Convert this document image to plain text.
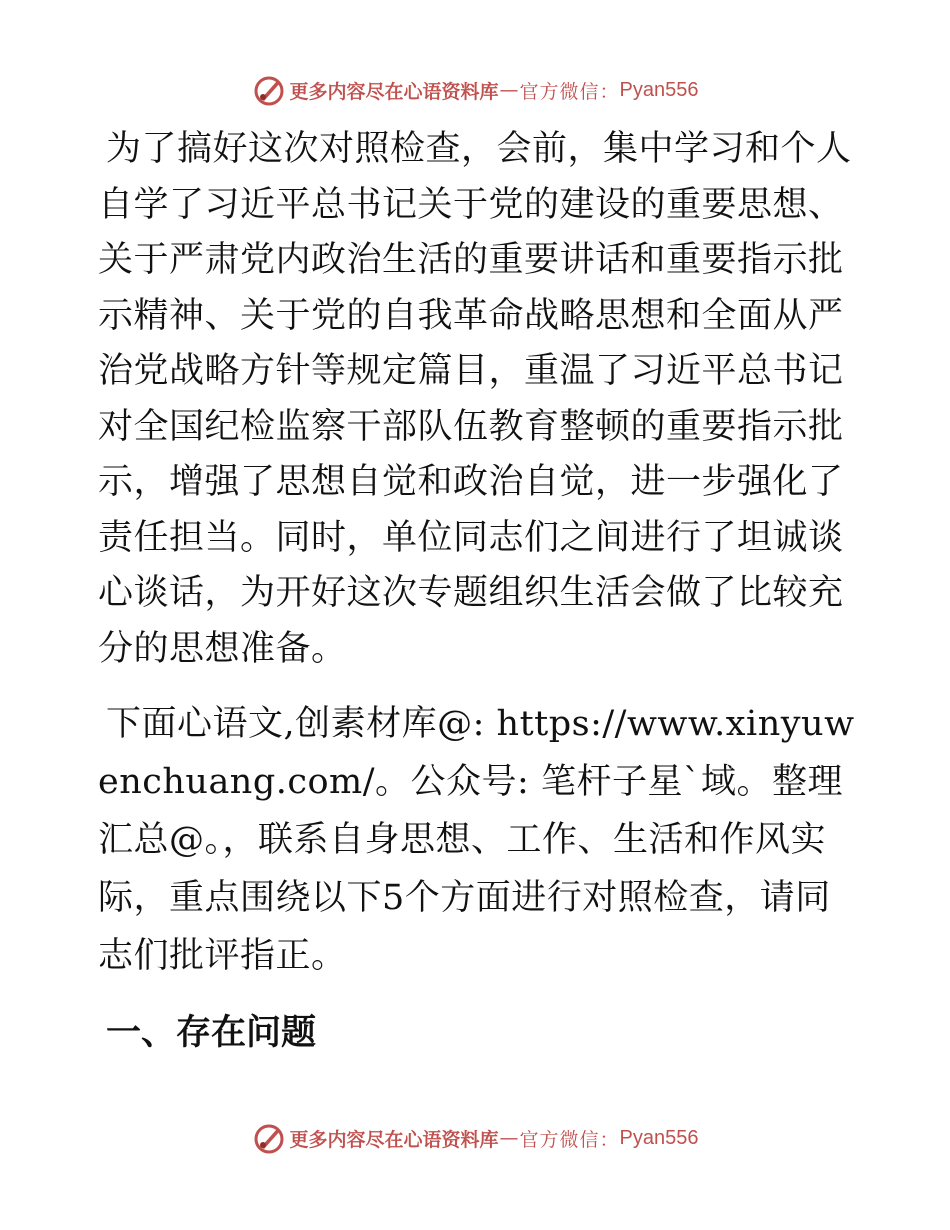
更多内容尽在心语资料库 — 官方微信： Pyan556

为了搞好这次对照检查，会前，集中学习和个人自学了习近平总书记关于党的建设的重要思想、关于严肃党内政治生活的重要讲话和重要指示批示精神、关于党的自我革命战略思想和全面从严治党战略方针等规定篇目，重温了习近平总书记对全国纪检监察干部队伍教育整顿的重要指示批示，增强了思想自觉和政治自觉，进一步强化了责任担当。同时，单位同志们之间进行了坦诚谈心谈话，为开好这次专题组织生活会做了比较充分的思想准备。

下面心语文,创素材库@: https://www.xinyuwenchuang.com/。公众号: 笔杆子星`域。整理汇总@。，联系自身思想、工作、生活和作风实际，重点围绕以下5个方面进行对照检查，请同志们批评指正。

一、存在问题
更多内容尽在心语资料库 — 官方微信： Pyan556
